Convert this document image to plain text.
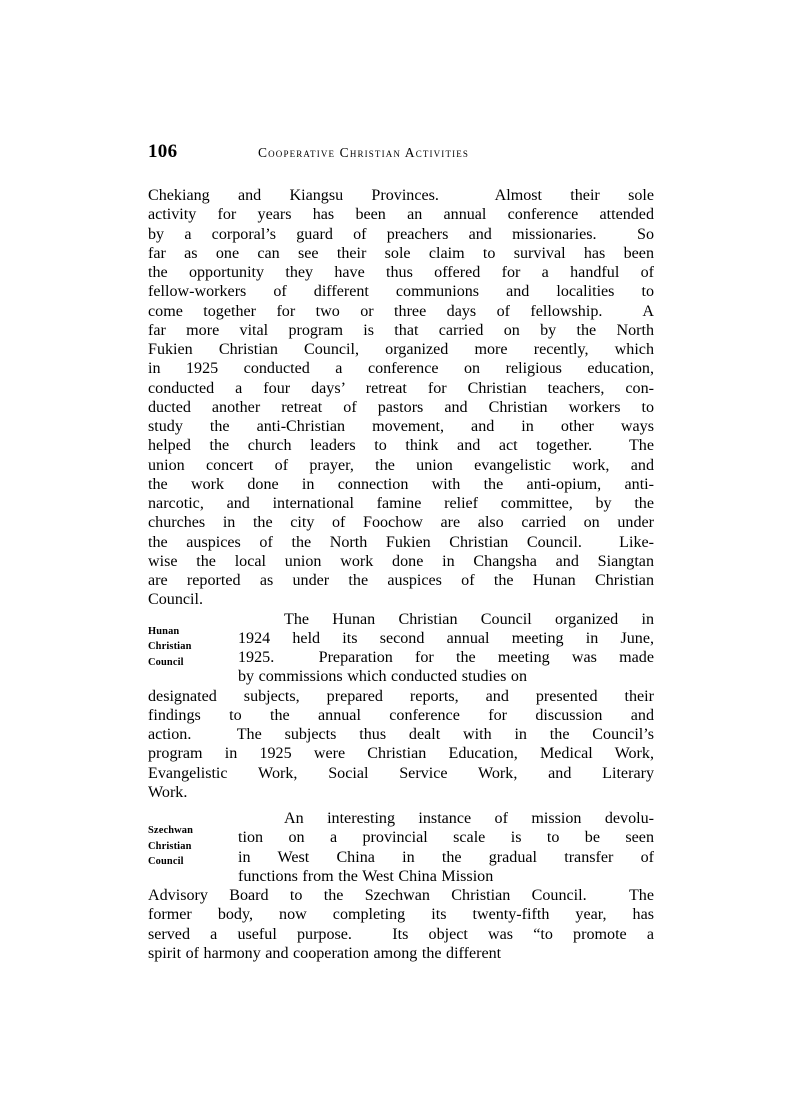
106	Cooperative Christian Activities
Chekiang and Kiangsu Provinces.  Almost their sole
activity for years has been an annual conference attended
by a corporal’s guard of preachers and missionaries.  So
far as one can see their sole claim to survival has been
the opportunity they have thus offered for a handful of
fellow-workers of different communions and localities to
come together for two or three days of fellowship.  A
far more vital program is that carried on by the North
Fukien Christian Council, organized more recently, which
in 1925 conducted a conference on religious education,
conducted a four days’ retreat for Christian teachers, con-
ducted another retreat of pastors and Christian workers to
study the anti-Christian movement, and in other ways
helped the church leaders to think and act together.  The
union concert of prayer, the union evangelistic work, and
the work done in connection with the anti-opium, anti-
narcotic, and international famine relief committee, by the
churches in the city of Foochow are also carried on under
the auspices of the North Fukien Christian Council.  Like-
wise the local union work done in Changsha and Siangtan
are reported as under the auspices of the Hunan Christian
Council.
Hunan
Christian
Council
The Hunan Christian Council organized in
1924 held its second annual meeting in June,
1925.  Preparation for the meeting was made
by commissions which conducted studies on
designated subjects, prepared reports, and presented their
findings to the annual conference for discussion and
action.  The subjects thus dealt with in the Council’s
program in 1925 were Christian Education, Medical Work,
Evangelistic Work, Social Service Work, and Literary
Work.
Szechwan
Christian
Council
An interesting instance of mission devolu-
tion on a provincial scale is to be seen
in West China in the gradual transfer of
functions from the West China Mission
Advisory Board to the Szechwan Christian Council.  The
former body, now completing its twenty-fifth year, has
served a useful purpose.  Its object was “to promote a
spirit of harmony and cooperation among the different
